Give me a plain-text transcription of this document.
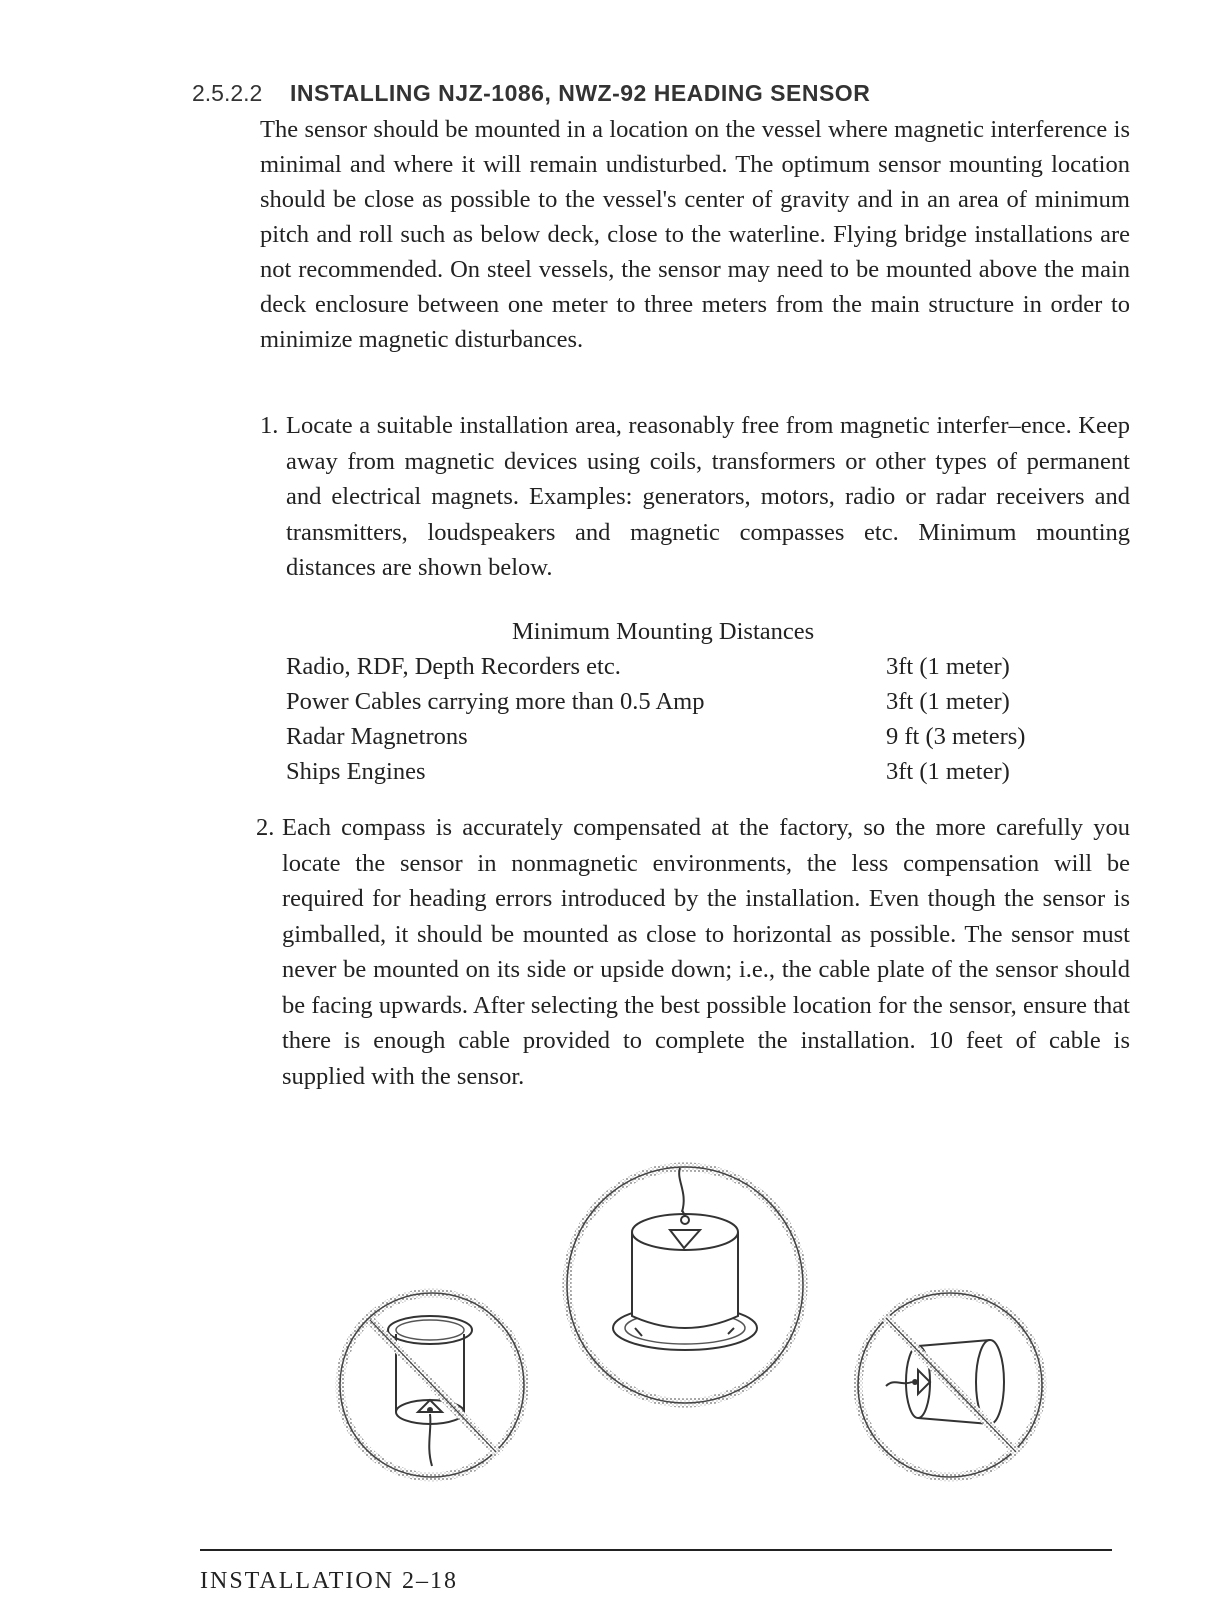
2.5.2.2 INSTALLING NJZ-1086, NWZ-92 HEADING SENSOR
The sensor should be mounted in a location on the vessel where magnetic interference is minimal and where it will remain undisturbed. The optimum sensor mounting location should be close as possible to the vessel's center of gravity and in an area of minimum pitch and roll such as below deck, close to the waterline. Flying bridge installations are not recommended. On steel vessels, the sensor may need to be mounted above the main deck enclosure between one meter to three meters from the main structure in order to minimize magnetic disturbances.
1. Locate a suitable installation area, reasonably free from magnetic interfer–ence. Keep away from magnetic devices using coils, transformers or other types of permanent and electrical magnets. Examples: generators, motors, radio or radar receivers and transmitters, loudspeakers and magnetic compasses etc. Minimum mounting distances are shown below.
Minimum Mounting Distances
Radio, RDF, Depth Recorders etc.	3ft (1 meter)
Power Cables carrying more than 0.5 Amp	3ft (1 meter)
Radar Magnetrons	9 ft (3 meters)
Ships Engines	3ft (1 meter)
2. Each compass is accurately compensated at the factory, so the more carefully you locate the sensor in nonmagnetic environments, the less compensation will be required for heading errors introduced by the installation. Even though the sensor is gimballed, it should be mounted as close to horizontal as possible. The sensor must never be mounted on its side or upside down; i.e., the cable plate of the sensor should be facing upwards. After selecting the best possible location for the sensor, ensure that there is enough cable provided to complete the installation. 10 feet of cable is supplied with the sensor.
INSTALLATION 2–18
